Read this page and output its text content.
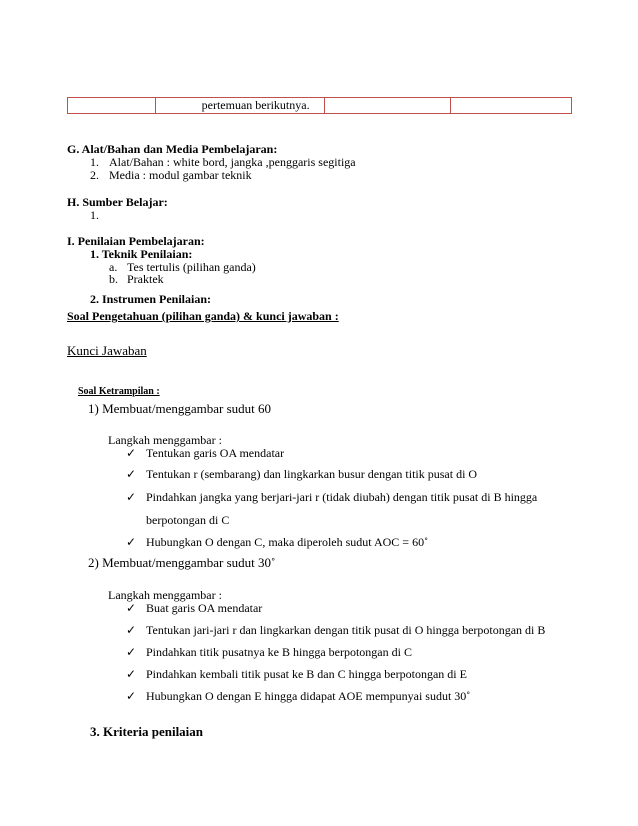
pertemuan berikutnya.
G. Alat/Bahan dan Media Pembelajaran:
1. Alat/Bahan : white bord, jangka ,penggaris segitiga
2. Media : modul gambar teknik
H. Sumber Belajar:
1.
I. Penilaian Pembelajaran:
1. Teknik Penilaian:
a. Tes tertulis (pilihan ganda)
b. Praktek
2. Instrumen Penilaian:
Soal Pengetahuan (pilihan ganda) & kunci jawaban :
Kunci Jawaban
Soal Ketrampilan :
1) Membuat/menggambar sudut 60
Langkah menggambar :
✓ Tentukan garis OA mendatar
✓ Tentukan r (sembarang) dan lingkarkan busur dengan titik pusat di O
✓ Pindahkan jangka yang berjari-jari r (tidak diubah) dengan titik pusat di B hingga
berpotongan di C
✓ Hubungkan O dengan C, maka diperoleh sudut AOC = 60˚
2) Membuat/menggambar sudut 30˚
Langkah menggambar :
✓ Buat garis OA mendatar
✓ Tentukan jari-jari r dan lingkarkan dengan titik pusat di O hingga berpotongan di B
✓ Pindahkan titik pusatnya ke B hingga berpotongan di C
✓ Pindahkan kembali titik pusat ke B dan C hingga berpotongan di E
✓ Hubungkan O dengan E hingga didapat AOE mempunyai sudut 30˚
3. Kriteria penilaian
